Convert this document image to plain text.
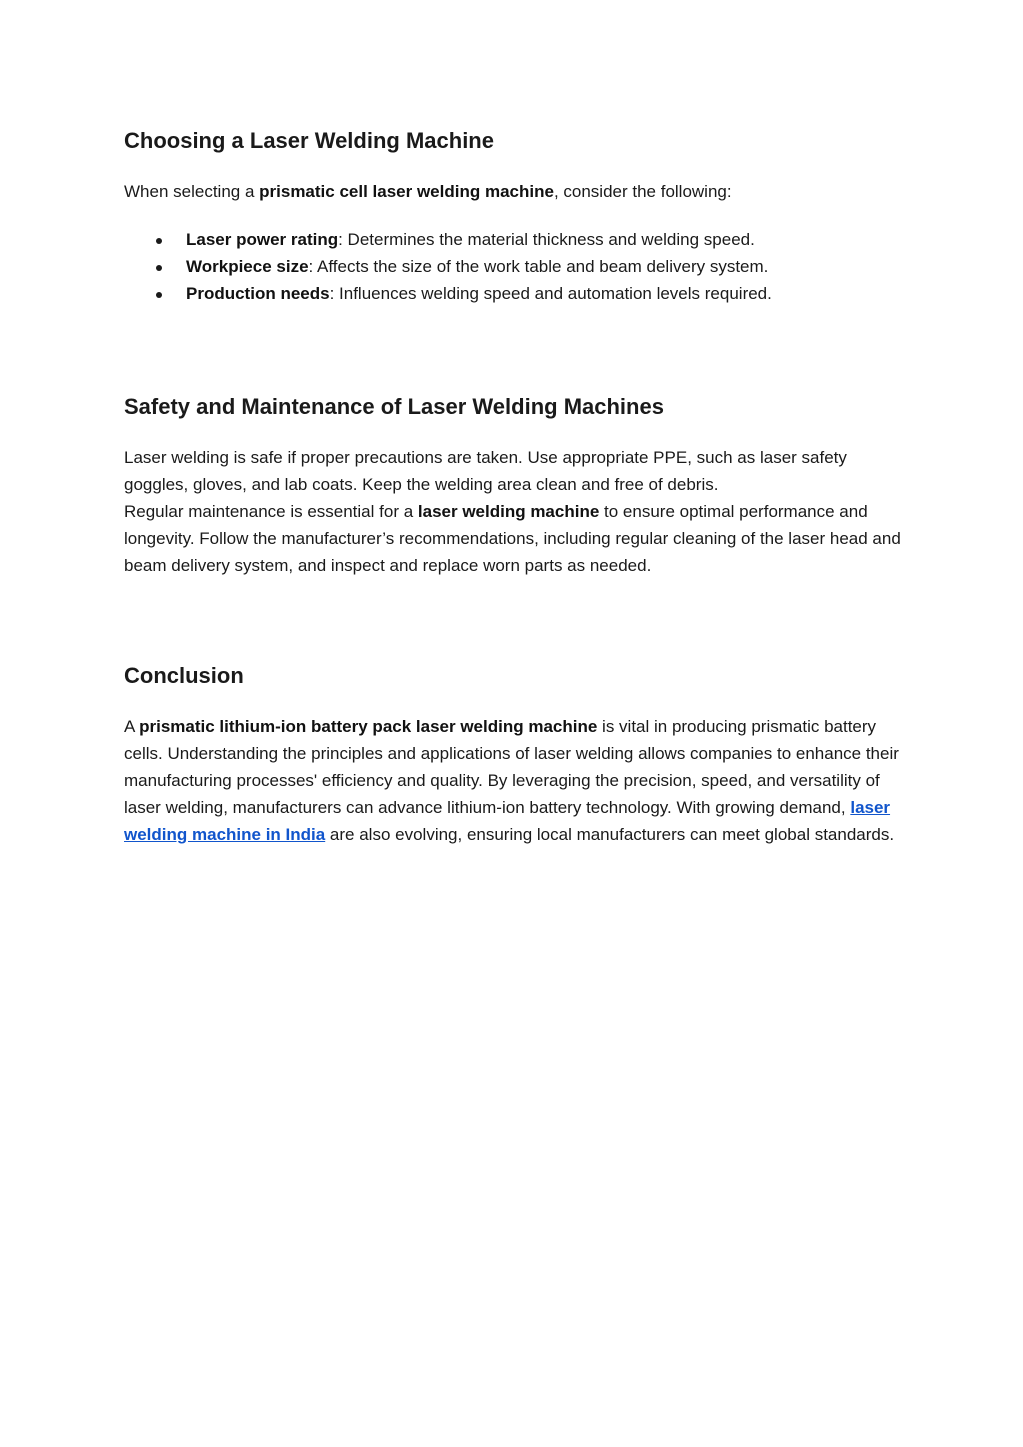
Choosing a Laser Welding Machine

When selecting a prismatic cell laser welding machine, consider the following:

Laser power rating: Determines the material thickness and welding speed.
Workpiece size: Affects the size of the work table and beam delivery system.
Production needs: Influences welding speed and automation levels required.
Safety and Maintenance of Laser Welding Machines

Laser welding is safe if proper precautions are taken. Use appropriate PPE, such as laser safety goggles, gloves, and lab coats. Keep the welding area clean and free of debris.

Regular maintenance is essential for a laser welding machine to ensure optimal performance and longevity. Follow the manufacturer’s recommendations, including regular cleaning of the laser head and beam delivery system, and inspect and replace worn parts as needed.

Conclusion

A prismatic lithium-ion battery pack laser welding machine is vital in producing prismatic battery cells. Understanding the principles and applications of laser welding allows companies to enhance their manufacturing processes' efficiency and quality. By leveraging the precision, speed, and versatility of laser welding, manufacturers can advance lithium-ion battery technology. With growing demand, laser welding machine in India are also evolving, ensuring local manufacturers can meet global standards.
